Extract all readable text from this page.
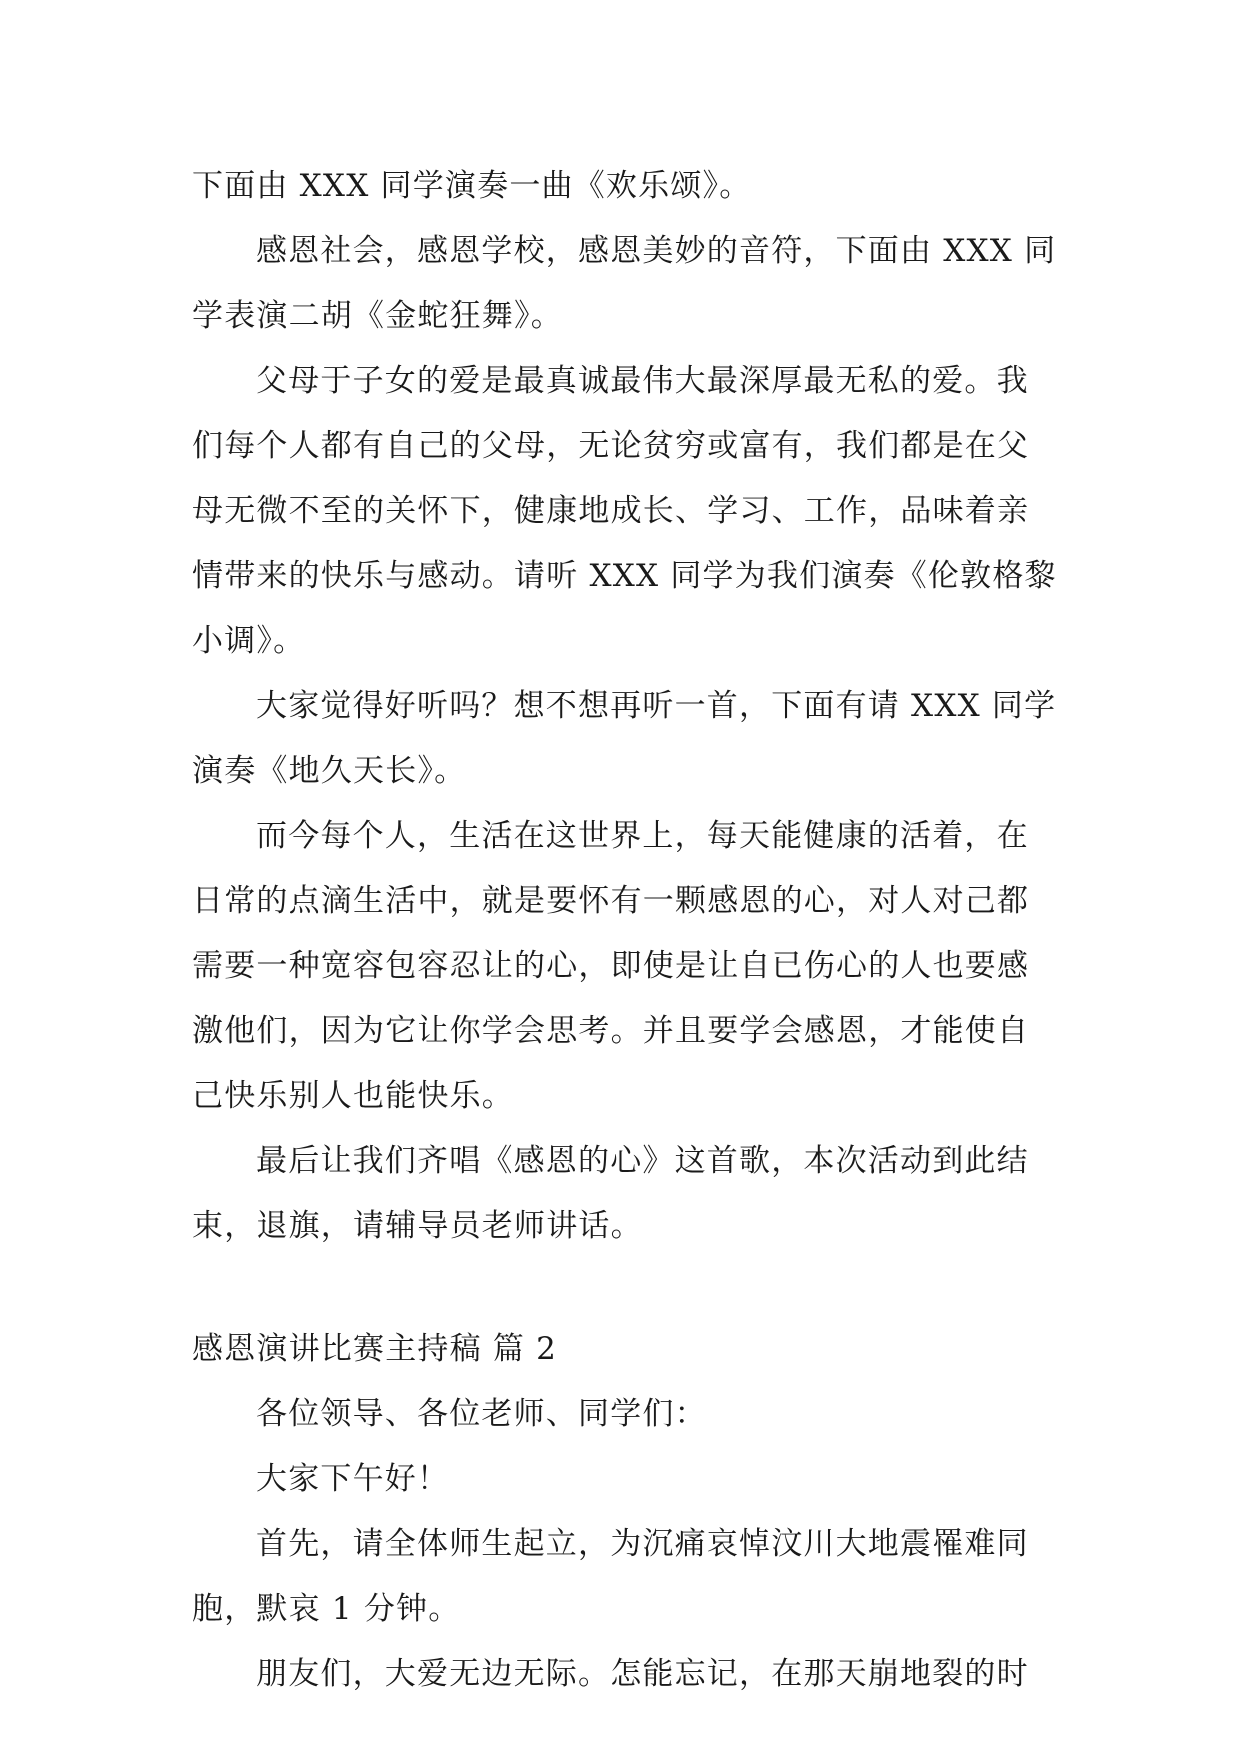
下面由 XXX 同学演奏一曲《欢乐颂》。
感恩社会，感恩学校，感恩美妙的音符，下面由 XXX 同
学表演二胡《金蛇狂舞》。
父母于子女的爱是最真诚最伟大最深厚最无私的爱。我
们每个人都有自己的父母，无论贫穷或富有，我们都是在父
母无微不至的关怀下，健康地成长、学习、工作，品味着亲
情带来的快乐与感动。请听 XXX 同学为我们演奏《伦敦格黎
小调》。
大家觉得好听吗？想不想再听一首，下面有请 XXX 同学
演奏《地久天长》。
而今每个人，生活在这世界上，每天能健康的活着，在
日常的点滴生活中，就是要怀有一颗感恩的心，对人对己都
需要一种宽容包容忍让的心，即使是让自已伤心的人也要感
激他们，因为它让你学会思考。并且要学会感恩，才能使自
己快乐别人也能快乐。
最后让我们齐唱《感恩的心》这首歌，本次活动到此结
束，退旗，请辅导员老师讲话。
感恩演讲比赛主持稿 篇 2
各位领导、各位老师、同学们：
大家下午好！
首先，请全体师生起立，为沉痛哀悼汶川大地震罹难同
胞，默哀 1 分钟。
朋友们，大爱无边无际。怎能忘记，在那天崩地裂的时
